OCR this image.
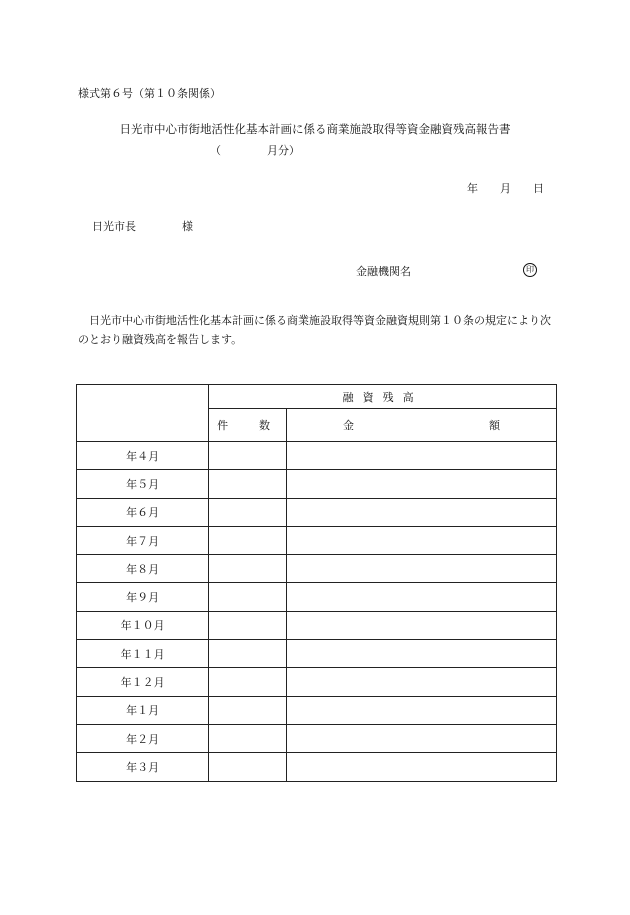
様式第６号（第１０条関係）
日光市中心市街地活性化基本計画に係る商業施設取得等資金融資残高報告書
（	月分）
年 月 日
日光市長	様
金融機関名	印
日光市中心市街地活性化基本計画に係る商業施設取得等資金融資規則第１０条の規定により次のとおり融資残高を報告します。
	融資残高	

	件 数	金 額

年４月		
年５月		
年６月		
年７月		
年８月		
年９月		
年１０月		
年１１月		
年１２月		
年１月		
年２月		
年３月		
